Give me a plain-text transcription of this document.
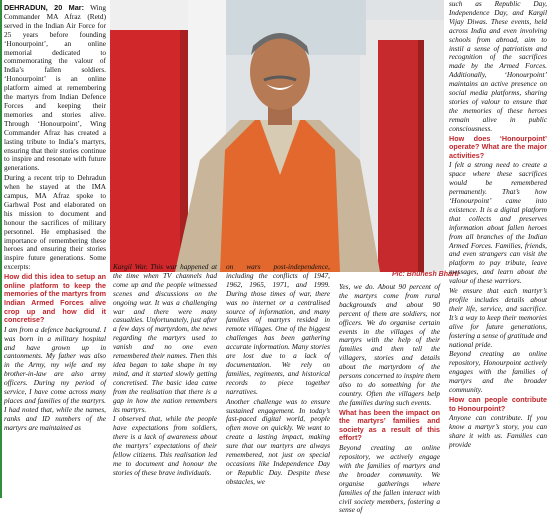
DEHRADUN, 20 Mar: Wing Commander MA Afraz (Retd) served in the Indian Air Force for 25 years before founding ‘Honourpoint’, an online memorial dedicated to commemorating the valour of India’s fallen soldiers. ‘Honourpoint’ is an online platform aimed at remembering the martyrs from Indian Defence Forces and keeping their memories and stories alive. Through ‘Honourpoint’, Wing Commander Afraz has created a lasting tribute to India’s martyrs, ensuring that their stories continue to inspire and resonate with future generations.

During a recent trip to Dehradun when he stayed at the IMA campus, MA Afraz spoke to Garhwal Post and elaborated on his mission to document and honour the sacrifices of military personnel. He emphasised the importance of remembering these heroes and ensuring their stories inspire future generations. Some excerpts:

How did this idea to setup an online platform to keep the memories of the martyrs from Indian Armed Forces alive crop up and how did it concretise?

I am from a defence background. I was born in a military hospital and have grown up in cantonments. My father was also in the Army, my wife and my brother-in-law are also army officers. During my period of service, I have come across many places and families of the martyrs. I had noted that, while the names, ranks and ID numbers of the martyrs are maintained as

Pic: Bhunesh Bharti

Kargil War. This war happened at the time when TV channels had come up and the people witnessed scenes and discussions on the ongoing war. It was a challenging war and there were many casualties. Unfortunately, just after a few days of martyrdom, the news regarding the martyrs used to vanish and no one even remembered their names. Then this idea began to take shape in my mind, and it started slowly getting concretised. The basic idea came from the realisation that there is a gap in how the nation remembers its martyrs.

I observed that, while the people have expectations from soldiers, there is a lack of awareness about the martyrs’ expectations of their fellow citizens. This realisation led me to document and honour the stories of these brave individuals.

on wars post-independence, including the conflicts of 1947, 1962, 1965, 1971, and 1999. During those times of war, there was no internet or a centralised source of information, and many families of martyrs resided in remote villages. One of the biggest challenges has been gathering accurate information. Many stories are lost due to a lack of documentation. We rely on families, regiments, and historical records to piece together narratives.

Another challenge was to ensure sustained engagement. In today’s fast-paced digital world, people often move on quickly. We want to create a lasting impact, making sure that our martyrs are always remembered, not just on special occasions like Independence Day or Republic Day. Despite these obstacles, we

Yes, we do. About 90 percent of the martyrs come from rural backgrounds and about 90 percent of them are soldiers, not officers. We do organise certain events in the villages of the martyrs with the help of their families and then tell the villagers, stories and details about the martyrdom of the persons concerned to inspire them also to do something for the country. Often the villagers help the families during such events.

What has been the impact on the martyrs’ families and society as a result of this effort?

Beyond creating an online repository, we actively engage with the families of martyrs and the broader community. We organise gatherings where families of the fallen interact with civil society members, fostering a sense of

such as Republic Day, Independence Day, and Kargil Vijay Diwas. These events, held across India and even involving schools from abroad, aim to instil a sense of patriotism and recognition of the sacrifices made by the Armed Forces. Additionally, ‘Honourpoint’ maintains an active presence on social media platforms, sharing stories of valour to ensure that the memories of these heroes remain alive in public consciousness.

How does ‘Honourpoint’ operate? What are the major activities?

I felt a strong need to create a space where these sacrifices would be remembered permanently. That’s how ‘Honourpoint’ came into existence. It is a digital platform that collects and preserves information about fallen heroes from all branches of the Indian Armed Forces. Families, friends, and even strangers can visit the platform to pay tribute, leave messages, and learn about the valour of these warriors.

We ensure that each martyr’s profile includes details about their life, service, and sacrifice. It’s a way to keep their memories alive for future generations, fostering a sense of gratitude and national pride.

Beyond creating an online repository, Honourpoint actively engages with the families of martyrs and the broader community.

How can people contribute to Honourpoint?

Anyone can contribute. If you know a martyr’s story, you can share it with us. Families can provide
